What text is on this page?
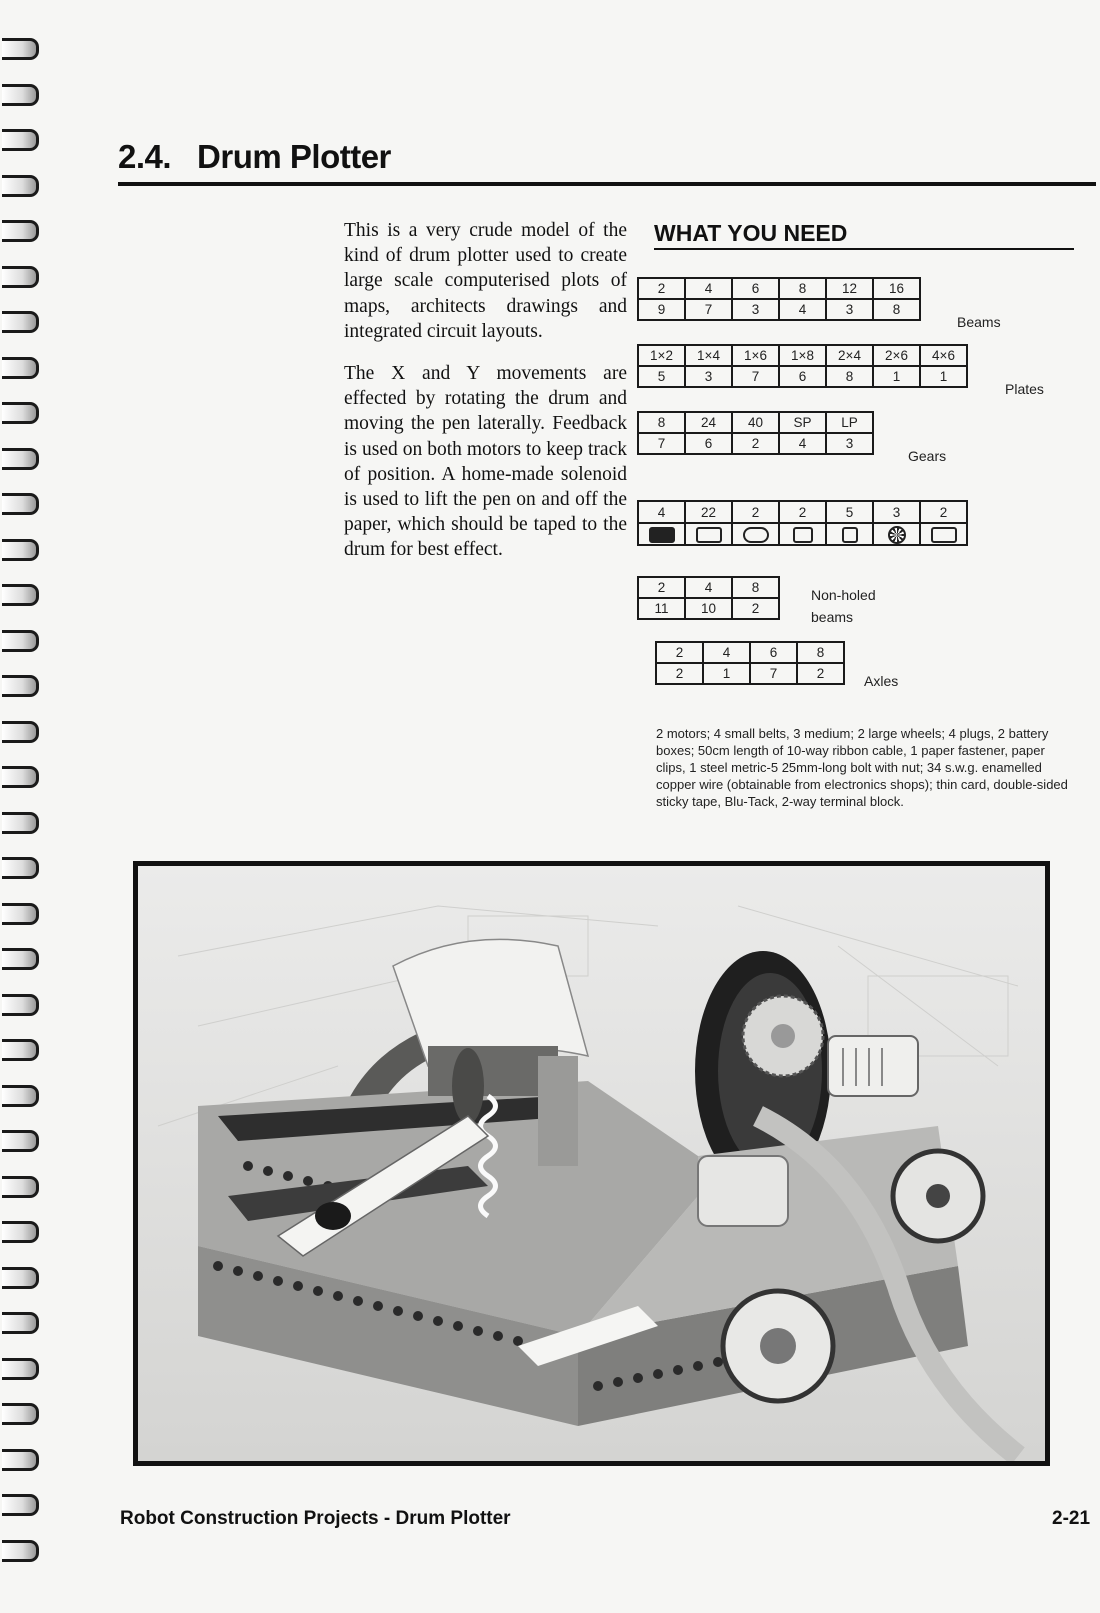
2.4. Drum Plotter

This is a very crude model of the kind of drum plotter used to create large scale computerised plots of maps, architects drawings and integrated circuit layouts.

The X and Y movements are effected by rotating the drum and moving the pen laterally. Feedback is used on both motors to keep track of position. A home-made solenoid is used to lift the pen on and off the paper, which should be taped to the drum for best effect.

WHAT YOU NEED
2	4	6	8	12	16
9	7	3	4	3	8
Beams
1×2	1×4	1×6	1×8	2×4	2×6	4×6
5	3	7	6	8	1	1
Plates
8	24	40	SP	LP
7	6	2	4	3
Gears
4	22	2	2	5	3	2

2	4	8
11	10	2
Non-holed
beams
2	4	6	8
2	1	7	2	Axles

2 motors; 4 small belts, 3 medium; 2 large wheels; 4 plugs, 2 battery boxes; 50cm length of 10-way ribbon cable, 1 paper fastener, paper clips, 1 steel metric-5 25mm-long bolt with nut; 34 s.w.g. enamelled copper wire (obtainable from electronics shops); thin card, double-sided sticky tape, Blu-Tack, 2-way terminal block.

Robot Construction Projects - Drum Plotter	2-21
